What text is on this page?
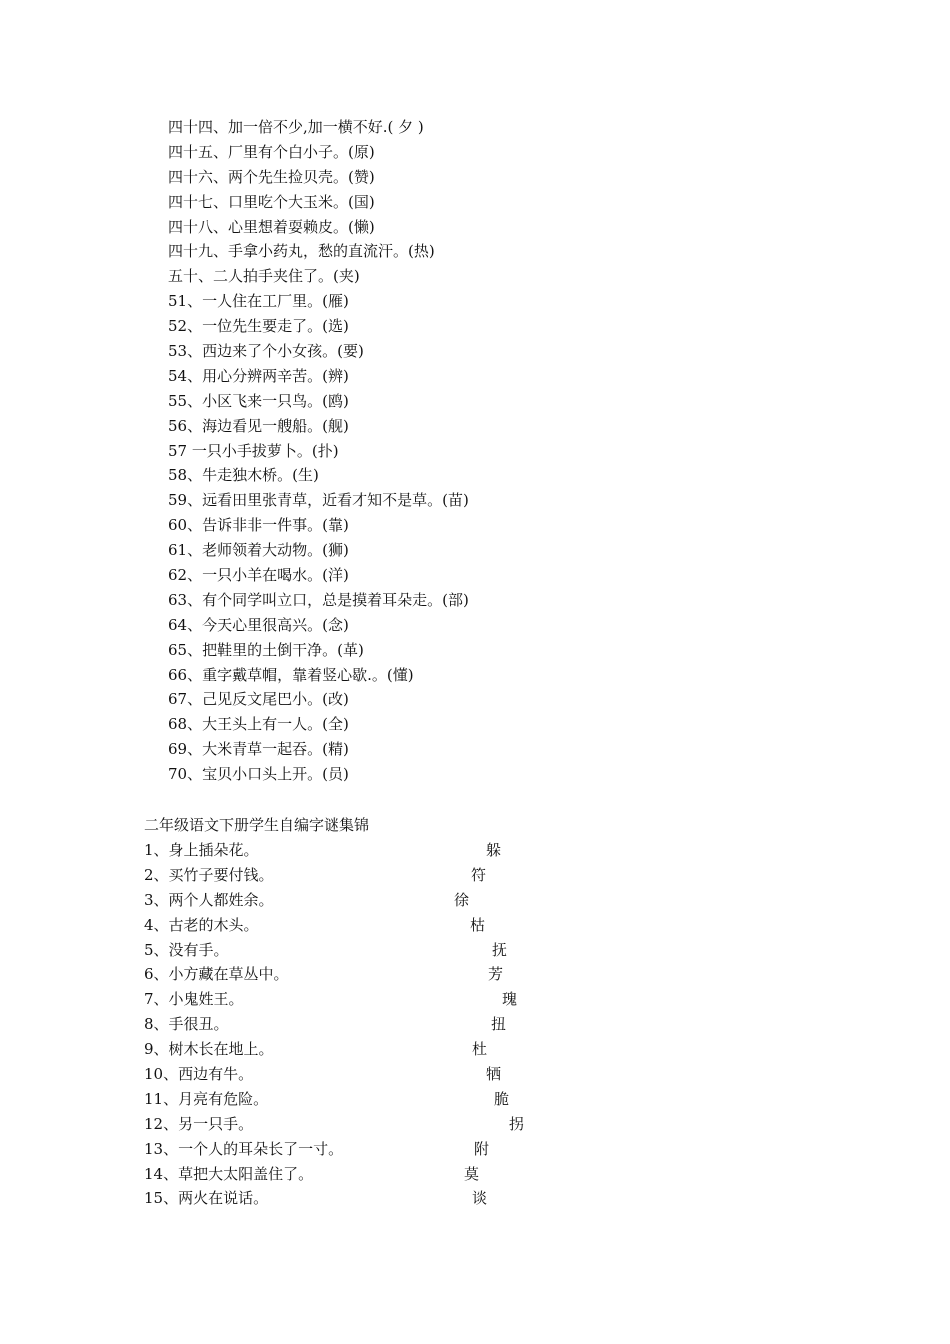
四十四、加一倍不少,加一横不好.( 夕 )
四十五、厂里有个白小子。(原)
四十六、两个先生捡贝壳。(赞)
四十七、口里吃个大玉米。(国)
四十八、心里想着耍赖皮。(懒)
四十九、手拿小药丸，愁的直流汗。(热)
五十、二人拍手夹住了。(夹)
51、一人住在工厂里。(雁)
52、一位先生要走了。(选)
53、西边来了个小女孩。(要)
54、用心分辨两辛苦。(辨)
55、小区飞来一只鸟。(鸥)
56、海边看见一艘船。(舰)
57 一只小手拔萝卜。(扑)
58、牛走独木桥。(生)
59、远看田里张青草，近看才知不是草。(苗)
60、告诉非非一件事。(靠)
61、老师领着大动物。(狮)
62、一只小羊在喝水。(洋)
63、有个同学叫立口，总是摸着耳朵走。(部)
64、今天心里很高兴。(念)
65、把鞋里的土倒干净。(革)
66、重字戴草帽，靠着竖心歇.。(懂)
67、己见反文尾巴小。(改)
68、大王头上有一人。(全)
69、大米青草一起吞。(精)
70、宝贝小口头上开。(员)
二年级语文下册学生自编字谜集锦
1、身上插朵花。	躲
2、买竹子要付钱。	符
3、两个人都姓余。	徐
4、古老的木头。	枯
5、没有手。	抚
6、小方藏在草丛中。	芳
7、小鬼姓王。	瑰
8、手很丑。	扭
9、树木长在地上。	杜
10、西边有牛。	牺
11、月亮有危险。	脆
12、另一只手。	拐
13、一个人的耳朵长了一寸。	附
14、草把大太阳盖住了。	莫
15、两火在说话。	谈
